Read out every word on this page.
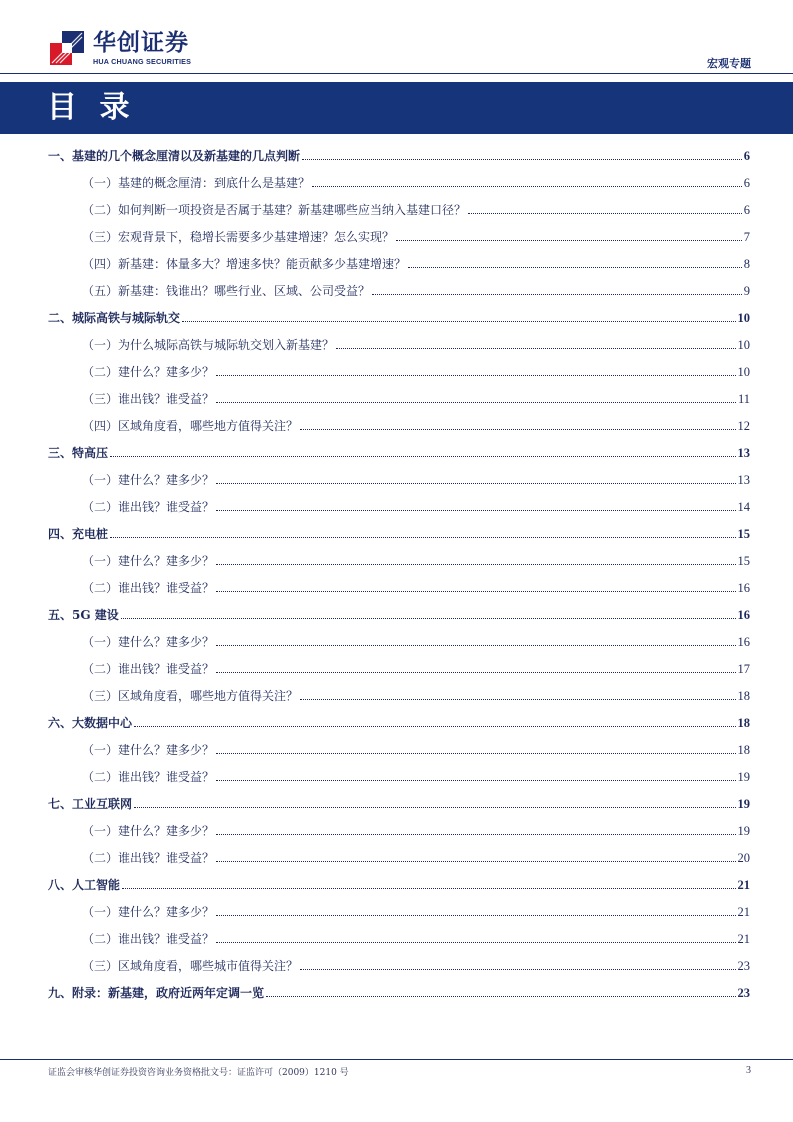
华创证券
HUA CHUANG SECURITIES	宏观专题
目 录
一、基建的几个概念厘清以及新基建的几点判断	6
（一）基建的概念厘清：到底什么是基建？	6
（二）如何判断一项投资是否属于基建？新基建哪些应当纳入基建口径？	6
（三）宏观背景下，稳增长需要多少基建增速？怎么实现？	7
（四）新基建：体量多大？增速多快？能贡献多少基建增速？	8
（五）新基建：钱谁出？哪些行业、区域、公司受益？	9
二、城际高铁与城际轨交	10
（一）为什么城际高铁与城际轨交划入新基建？	10
（二）建什么？建多少？	10
（三）谁出钱？谁受益？	11
（四）区域角度看，哪些地方值得关注？	12
三、特高压	13
（一）建什么？建多少？	13
（二）谁出钱？谁受益？	14
四、充电桩	15
（一）建什么？建多少？	15
（二）谁出钱？谁受益？	16
五、5G 建设	16
（一）建什么？建多少？	16
（二）谁出钱？谁受益？	17
（三）区域角度看，哪些地方值得关注？	18
六、大数据中心	18
（一）建什么？建多少？	18
（二）谁出钱？谁受益？	19
七、工业互联网	19
（一）建什么？建多少？	19
（二）谁出钱？谁受益？	20
八、人工智能	21
（一）建什么？建多少？	21
（二）谁出钱？谁受益？	21
（三）区域角度看，哪些城市值得关注？	23
九、附录：新基建，政府近两年定调一览	23
证监会审核华创证券投资咨询业务资格批文号：证监许可（2009）1210 号	3
